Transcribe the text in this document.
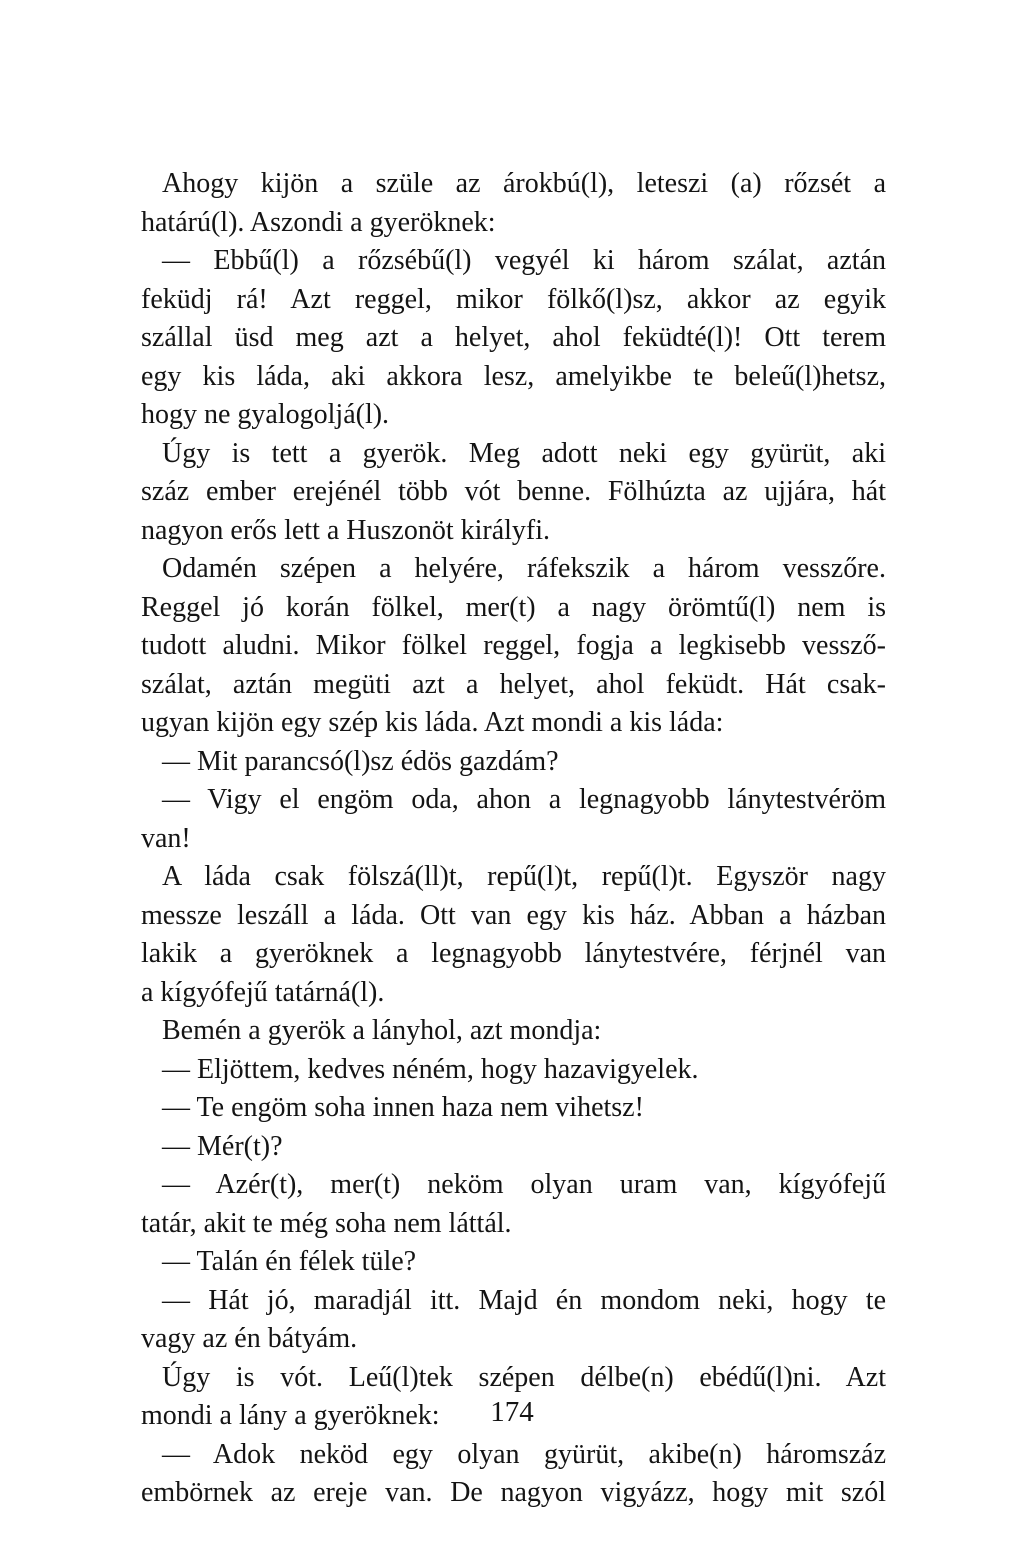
Ahogy kijön a szüle az árokbú(l), leteszi (a) rőzsét a
határú(l). Aszondi a gyeröknek:
— Ebbű(l) a rőzsébű(l) vegyél ki három szálat, aztán
feküdj rá! Azt reggel, mikor fölkő(l)sz, akkor az egyik
szállal üsd meg azt a helyet, ahol feküdté(l)! Ott terem
egy kis láda, aki akkora lesz, amelyikbe te beleű(l)hetsz,
hogy ne gyalogoljá(l).
Úgy is tett a gyerök. Meg adott neki egy gyürüt, aki
száz ember erejénél több vót benne. Fölhúzta az ujjára, hát
nagyon erős lett a Huszonöt királyfi.
Odamén szépen a helyére, ráfekszik a három vesszőre.
Reggel jó korán fölkel, mer(t) a nagy örömtű(l) nem is
tudott aludni. Mikor fölkel reggel, fogja a legkisebb vessző-
szálat, aztán megüti azt a helyet, ahol feküdt. Hát csak-
ugyan kijön egy szép kis láda. Azt mondi a kis láda:
— Mit parancsó(l)sz édös gazdám?
— Vigy el engöm oda, ahon a legnagyobb lánytestvéröm
van!
A láda csak fölszá(ll)t, repű(l)t, repű(l)t. Egyször nagy
messze leszáll a láda. Ott van egy kis ház. Abban a házban
lakik a gyeröknek a legnagyobb lánytestvére, férjnél van
a kígyófejű tatárná(l).
Bemén a gyerök a lányhol, azt mondja:
— Eljöttem, kedves néném, hogy hazavigyelek.
— Te engöm soha innen haza nem vihetsz!
— Mér(t)?
— Azér(t), mer(t) neköm olyan uram van, kígyófejű
tatár, akit te még soha nem láttál.
— Talán én félek tüle?
— Hát jó, maradjál itt. Majd én mondom neki, hogy te
vagy az én bátyám.
Úgy is vót. Leű(l)tek szépen délbe(n) ebédű(l)ni. Azt
mondi a lány a gyeröknek:
— Adok neköd egy olyan gyürüt, akibe(n) háromszáz
embörnek az ereje van. De nagyon vigyázz, hogy mit szól
174
